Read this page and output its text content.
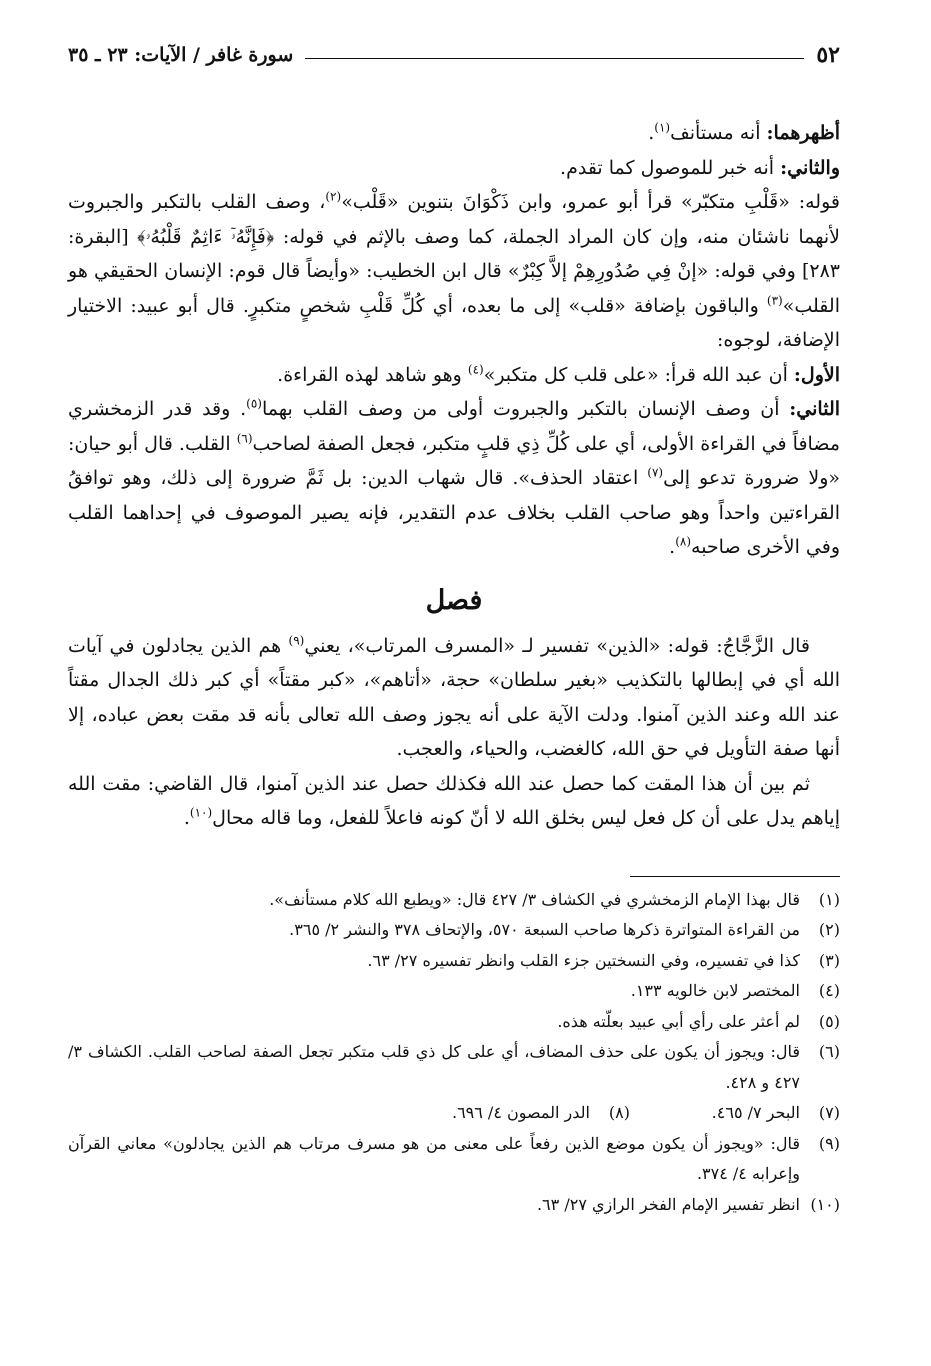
٥٢
سورة غافر / الآيات: ٢٣ ـ ٣٥

أظهرهما: أنه مستأنف$^{(١)}$.

والثاني: أنه خبر للموصول كما تقدم.

قوله: «قَلْبِ متكبّر» قرأ أبو عمرو، وابن ذَكْوَانَ بتنوين «قَلْب»$^{(٢)}$، وصف القلب بالتكبر والجبروت لأنهما ناشئان منه، وإن كان المراد الجملة، كما وصف بالإثم في قوله: ﴿فَإِنَّهُۥٓ ءَاثِمٌ قَلْبُهُۥ﴾ [البقرة: ٢٨٣] وفي قوله: «إنْ فِي صُدُورِهِمْ إلاَّ كِبْرٌ» قال ابن الخطيب: «وأيضاً قال قوم: الإنسان الحقيقي هو القلب»$^{(٣)}$ والباقون بإضافة «قلب» إلى ما بعده، أي كُلِّ قَلْبِ شخصٍ متكبرٍ. قال أبو عبيد: الاختيار الإضافة، لوجوه:

الأول: أن عبد الله قرأ: «على قلب كل متكبر»$^{(٤)}$ وهو شاهد لهذه القراءة.

الثاني: أن وصف الإنسان بالتكبر والجبروت أولى من وصف القلب بهما$^{(٥)}$. وقد قدر الزمخشري مضافاً في القراءة الأولى، أي على كُلِّ ذِي قلبٍ متكبر، فجعل الصفة لصاحب$^{(٦)}$ القلب. قال أبو حيان: «ولا ضرورة تدعو إلى$^{(٧)}$ اعتقاد الحذف». قال شهاب الدين: بل ثَمَّ ضرورة إلى ذلك، وهو توافقُ القراءتين واحداً وهو صاحب القلب بخلاف عدم التقدير، فإنه يصير الموصوف في إحداهما القلب وفي الأخرى صاحبه$^{(٨)}$.

فصل

قال الزَّجَّاجُ: قوله: «الذين» تفسير لـ «المسرف المرتاب»، يعني$^{(٩)}$ هم الذين يجادلون في آيات الله أي في إبطالها بالتكذيب «بغير سلطان» حجة، «أتاهم»، «كبر مقتاً» أي كبر ذلك الجدال مقتاً عند الله وعند الذين آمنوا. ودلت الآية على أنه يجوز وصف الله تعالى بأنه قد مقت بعض عباده، إلا أنها صفة التأويل في حق الله، كالغضب، والحياء، والعجب.

ثم بين أن هذا المقت كما حصل عند الله فكذلك حصل عند الذين آمنوا، قال القاضي: مقت الله إياهم يدل على أن كل فعل ليس بخلق الله لا أنّ كونه فاعلاً للفعل، وما قاله محال$^{(١٠)}$.

(١)
قال بهذا الإمام الزمخشري في الكشاف ٣/ ٤٢٧ قال: «ويطبع الله كلام مستأنف».
(٢)
من القراءة المتواترة ذكرها صاحب السبعة ٥٧٠، والإتحاف ٣٧٨ والنشر ٢/ ٣٦٥.
(٣)
كذا في تفسيره، وفي النسختين جزء القلب وانظر تفسيره ٢٧/ ٦٣.
(٤)
المختصر لابن خالويه ١٣٣.
(٥)
لم أعثر على رأي أبي عبيد بعلّته هذه.
(٦)
قال: ويجوز أن يكون على حذف المضاف، أي على كل ذي قلب متكبر تجعل الصفة لصاحب القلب. الكشاف ٣/ ٤٢٧ و ٤٢٨.
(٧)
البحر ٧/ ٤٦٥.
(٨)
الدر المصون ٤/ ٦٩٦.
(٩)
قال: «ويجوز أن يكون موضع الذين رفعاً على معنى من هو مسرف مرتاب هم الذين يجادلون» معاني القرآن وإعرابه ٤/ ٣٧٤.
(١٠)
انظر تفسير الإمام الفخر الرازي ٢٧/ ٦٣.
